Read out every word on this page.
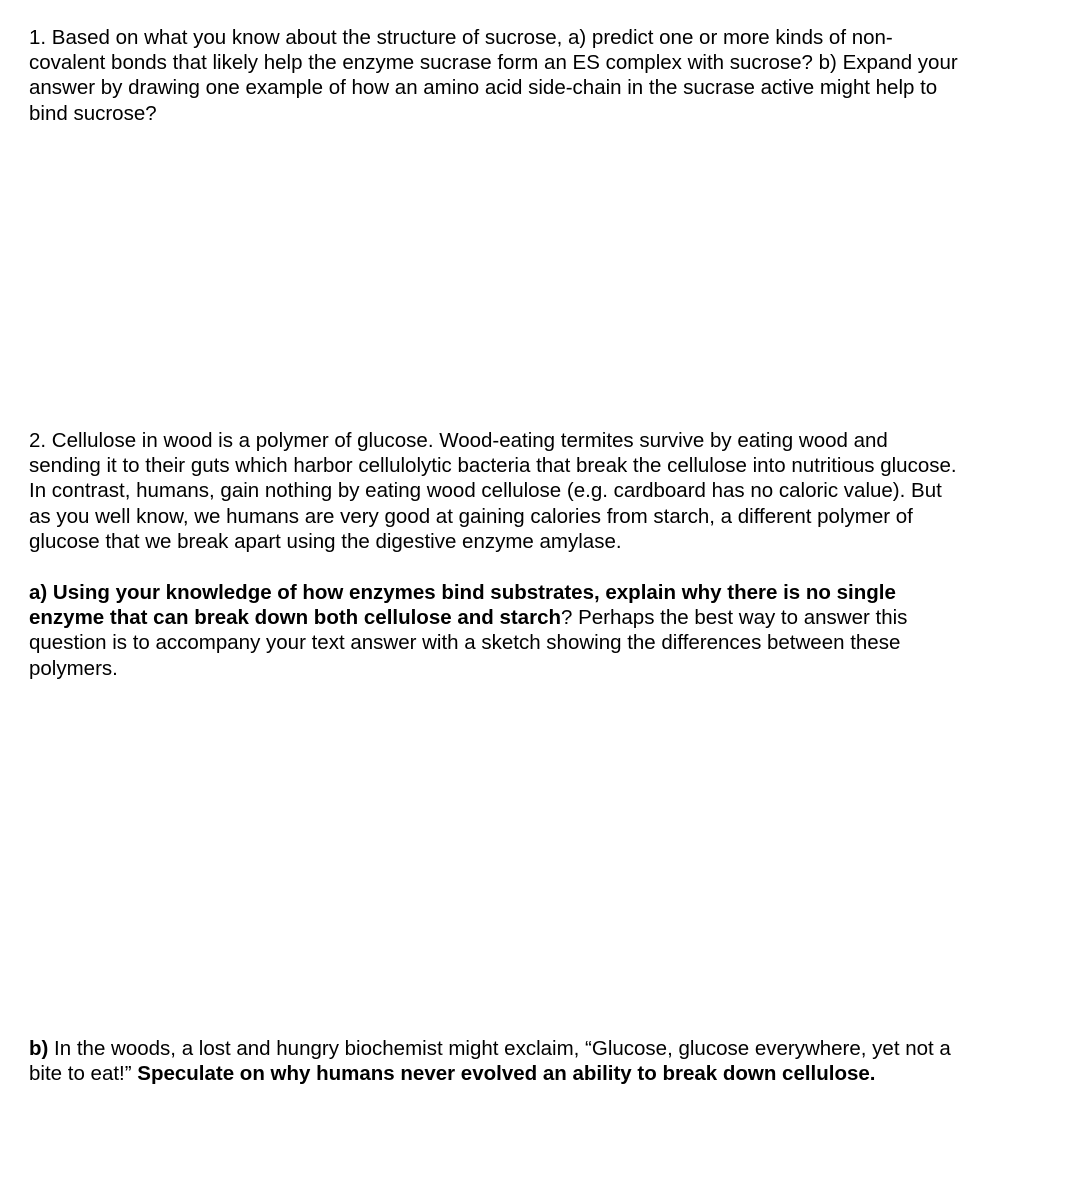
1. Based on what you know about the structure of sucrose, a) predict one or more kinds of non-
covalent bonds that likely help the enzyme sucrase form an ES complex with sucrose? b) Expand your
answer by drawing one example of how an amino acid side-chain in the sucrase active might help to
bind sucrose?
2. Cellulose in wood is a polymer of glucose. Wood-eating termites survive by eating wood and
sending it to their guts which harbor cellulolytic bacteria that break the cellulose into nutritious glucose.
In contrast, humans, gain nothing by eating wood cellulose (e.g. cardboard has no caloric value). But
as you well know, we humans are very good at gaining calories from starch, a different polymer of
glucose that we break apart using the digestive enzyme amylase.
a) Using your knowledge of how enzymes bind substrates, explain why there is no single
enzyme that can break down both cellulose and starch? Perhaps the best way to answer this
question is to accompany your text answer with a sketch showing the differences between these
polymers.
b) In the woods, a lost and hungry biochemist might exclaim, “Glucose, glucose everywhere, yet not a
bite to eat!” Speculate on why humans never evolved an ability to break down cellulose.
